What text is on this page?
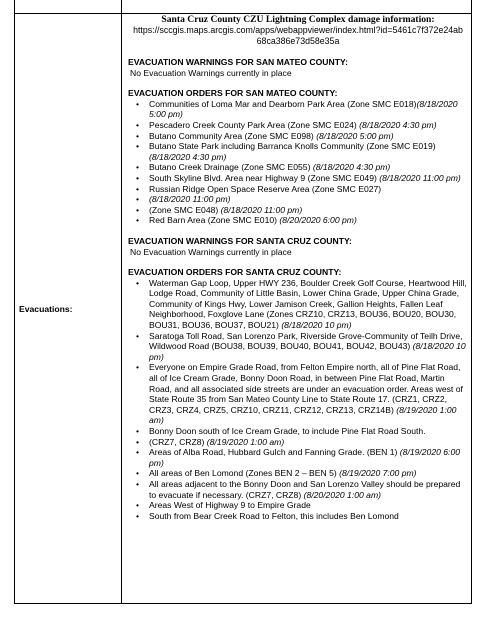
Evacuations:
Santa Cruz County CZU Lightning Complex damage information:
https://sccgis.maps.arcgis.com/apps/webappviewer/index.html?id=5461c7f372e24ab 68ca386e73d58e35a
EVACUATION WARNINGS FOR SAN MATEO COUNTY:
No Evacuation Warnings currently in place
EVACUATION ORDERS FOR SAN MATEO COUNTY:
• Communities of Loma Mar and Dearborn Park Area (Zone SMC E018)(8/18/2020 5:00 pm)
• Pescadero Creek County Park Area (Zone SMC E024) (8/18/2020 4:30 pm)
• Butano Community Area (Zone SMC E098) (8/18/2020 5:00 pm)
• Butano State Park including Barranca Knolls Community (Zone SMC E019) (8/18/2020 4:30 pm)
• Butano Creek Drainage (Zone SMC E055) (8/18/2020 4:30 pm)
• South Skyline Blvd. Area near Highway 9 (Zone SMC E049) (8/18/2020 11:00 pm)
• Russian Ridge Open Space Reserve Area (Zone SMC E027)
• (8/18/2020 11:00 pm)
• (Zone SMC E048) (8/18/2020 11:00 pm)
• Red Barn Area (Zone SMC E010) (8/20/2020 6:00 pm)
EVACUATION WARNINGS FOR SANTA CRUZ COUNTY:
No Evacuation Warnings currently in place
EVACUATION ORDERS FOR SANTA CRUZ COUNTY:
• Waterman Gap Loop, Upper HWY 236, Boulder Creek Golf Course, Heartwood Hill, Lodge Road, Community of Little Basin, Lower China Grade, Upper China Grade, Community of Kings Hwy, Lower Jamison Creek, Gallion Heights, Fallen Leaf Neighborhood, Foxglove Lane (Zones CRZ10, CRZ13, BOU36, BOU20, BOU30, BOU31, BOU36, BOU37, BOU21) (8/18/2020 10 pm)
• Saratoga Toll Road, San Lorenzo Park, Riverside Grove-Community of Teilh Drive, Wildwood Road (BOU38, BOU39, BOU40, BOU41, BOU42, BOU43) (8/18/2020 10 pm)
• Everyone on Empire Grade Road, from Felton Empire north, all of Pine Flat Road, all of Ice Cream Grade, Bonny Doon Road, in between Pine Flat Road, Martin Road, and all associated side streets are under an evacuation order. Areas west of State Route 35 from San Mateo County Line to State Route 17. (CRZ1, CRZ2, CRZ3, CRZ4, CRZ5, CRZ10, CRZ11, CRZ12, CRZ13, CRZ14B) (8/19/2020 1:00 am)
• Bonny Doon south of Ice Cream Grade, to include Pine Flat Road South.
• (CRZ7, CRZ8) (8/19/2020 1:00 am)
• Areas of Alba Road, Hubbard Gulch and Fanning Grade. (BEN 1) (8/19/2020 6:00 pm)
• All areas of Ben Lomond (Zones BEN 2 – BEN 5) (8/19/2020 7:00 pm)
• All areas adjacent to the Bonny Doon and San Lorenzo Valley should be prepared to evacuate if necessary. (CRZ7, CRZ8) (8/20/2020 1:00 am)
• Areas West of Highway 9 to Empire Grade
• South from Bear Creek Road to Felton, this includes Ben Lomond
